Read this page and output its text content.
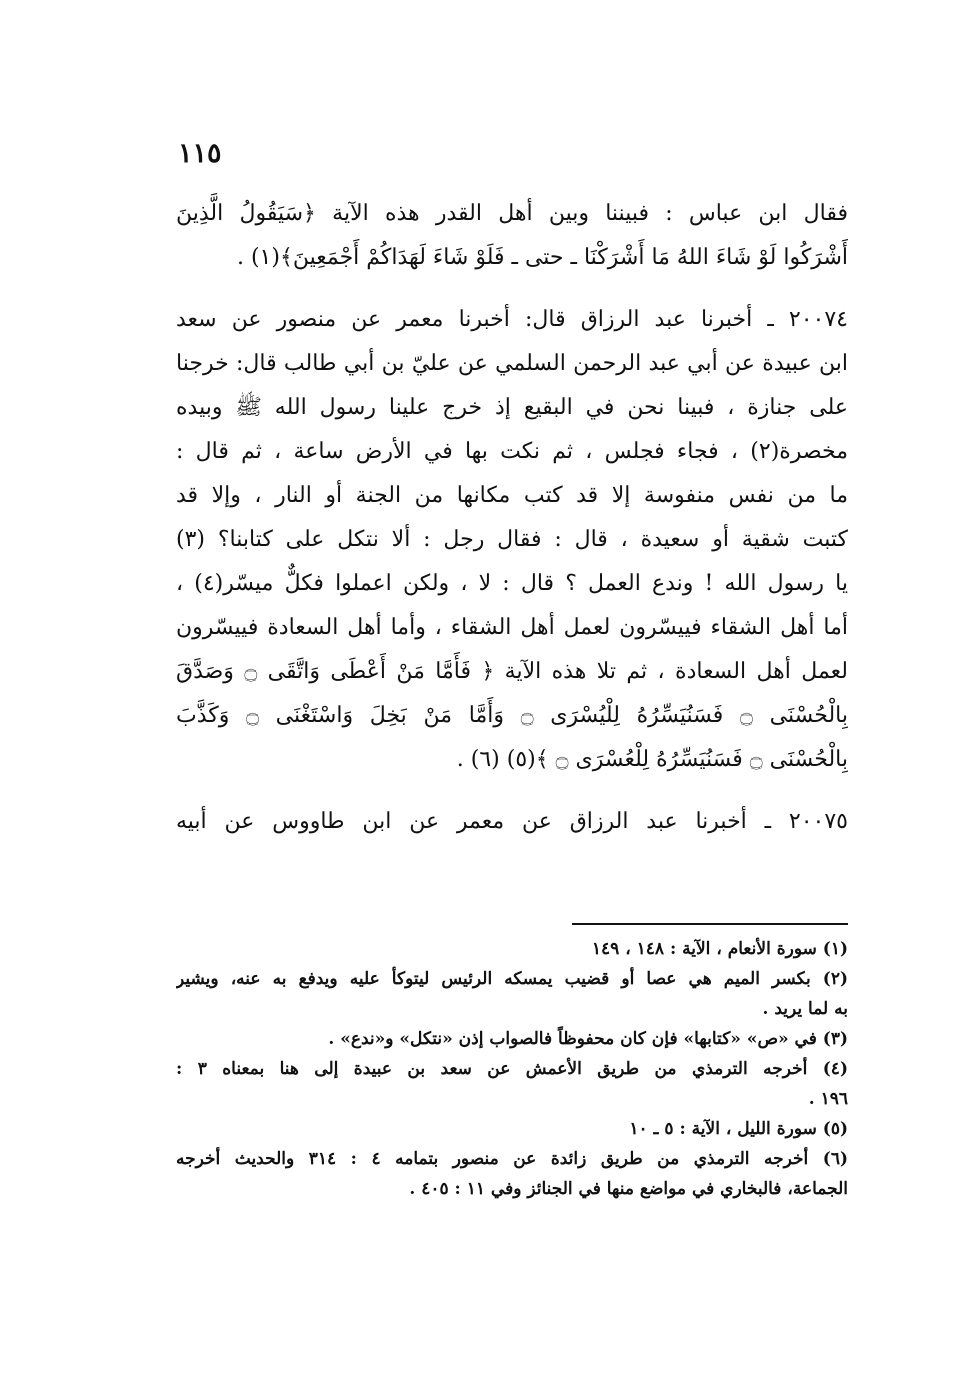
١١٥
فقال ابن عباس : فبيننا وبين أهل القدر هذه الآية ﴿سَيَقُولُ الَّذِينَ
أَشْرَكُوا لَوْ شَاءَ اللهُ مَا أَشْرَكْنَا ـ حتى ـ فَلَوْ شَاءَ لَهَدَاكُمْ أَجْمَعِينَ﴾(١) .
٢٠٠٧٤ ـ أخبرنا عبد الرزاق قال: أخبرنا معمر عن منصور عن سعد
ابن عبيدة عن أبي عبد الرحمن السلمي عن عليّ بن أبي طالب قال: خرجنا
على جنازة ، فبينا نحن في البقيع إذ خرج علينا رسول الله ﷺ وبيده
مخصرة(٢) ، فجاء فجلس ، ثم نكت بها في الأرض ساعة ، ثم قال :
ما من نفس منفوسة إلا قد كتب مكانها من الجنة أو النار ، وإلا قد
كتبت شقية أو سعيدة ، قال : فقال رجل : ألا نتكل على كتابنا؟ (٣)
يا رسول الله ! وندع العمل ؟ قال : لا ، ولكن اعملوا فكلٌّ ميسّر(٤) ،
أما أهل الشقاء فييسّرون لعمل أهل الشقاء ، وأما أهل السعادة فييسّرون
لعمل أهل السعادة ، ثم تلا هذه الآية ﴿ فَأَمَّا مَنْ أَعْطَى وَاتَّقَى ۝ وَصَدَّقَ
بِالْحُسْنَى ۝ فَسَنُيَسِّرُهُ لِلْيُسْرَى ۝ وَأَمَّا مَنْ بَخِلَ وَاسْتَغْنَى ۝ وَكَذَّبَ
بِالْحُسْنَى ۝ فَسَنُيَسِّرُهُ لِلْعُسْرَى ۝ ﴾(٥) (٦) .
٢٠٠٧٥ ـ أخبرنا عبد الرزاق عن معمر عن ابن طاووس عن أبيه
(١) سورة الأنعام ، الآية : ١٤٨ ، ١٤٩
(٢) بكسر الميم هي عصا أو قضيب يمسكه الرئيس ليتوكأ عليه ويدفع به عنه، ويشير
به لما يريد .
(٣) في «ص» «كتابها» فإن كان محفوظاً فالصواب إذن «نتكل» و«ندع» .
(٤) أخرجه الترمذي من طريق الأعمش عن سعد بن عبيدة إلى هنا بمعناه ٣ :
١٩٦ .
(٥) سورة الليل ، الآية : ٥ ـ ١٠
(٦) أخرجه الترمذي من طريق زائدة عن منصور بتمامه ٤ : ٣١٤ والحديث أخرجه
الجماعة، فالبخاري في مواضع منها في الجنائز وفي ١١ : ٤٠٥ .
